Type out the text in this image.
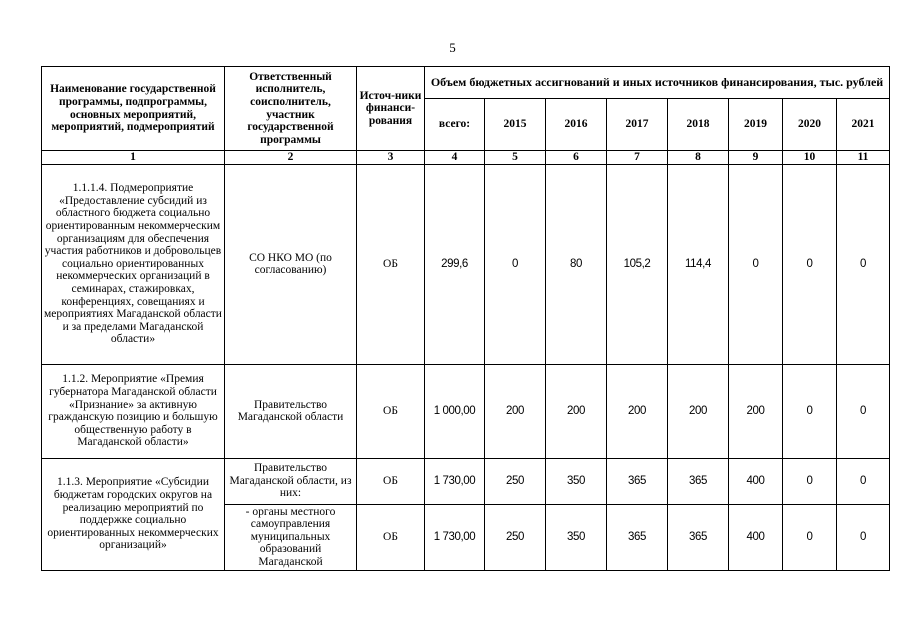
5
Наименование государственной программы, подпрограммы, основных мероприятий, мероприятий, подмероприятий	Ответственный исполнитель, соисполнитель, участник государственной программы	Источ-ники финанси-рования	Объем бюджетных ассигнований и иных источников финансирования, тыс. рублей							
			всего:	2015	2016	2017	2018	2019	2020	2021
1	2	3	4	5	6	7	8	9	10	11
1.1.1.4. Подмероприятие «Предоставление субсидий из областного бюджета социально ориентированным некоммерческим организациям для обеспечения участия работников и добровольцев социально ориентированных некоммерческих организаций в семинарах, стажировках, конференциях, совещаниях и мероприятиях Магаданской области и за пределами Магаданской области»	СО НКО МО (по согласованию)	ОБ	299,6	0	80	105,2	114,4	0	0	0
1.1.2. Мероприятие «Премия губернатора Магаданской области «Признание» за активную гражданскую позицию и большую общественную работу в Магаданской области»	Правительство Магаданской области	ОБ	1 000,00	200	200	200	200	200	0	0
1.1.3. Мероприятие «Субсидии бюджетам городских округов на реализацию мероприятий по поддержке социально ориентированных некоммерческих организаций»	Правительство Магаданской области, из них:	ОБ	1 730,00	250	350	365	365	400	0	0
	- органы местного самоуправления муниципальных образований Магаданской	ОБ	1 730,00	250	350	365	365	400	0	0
